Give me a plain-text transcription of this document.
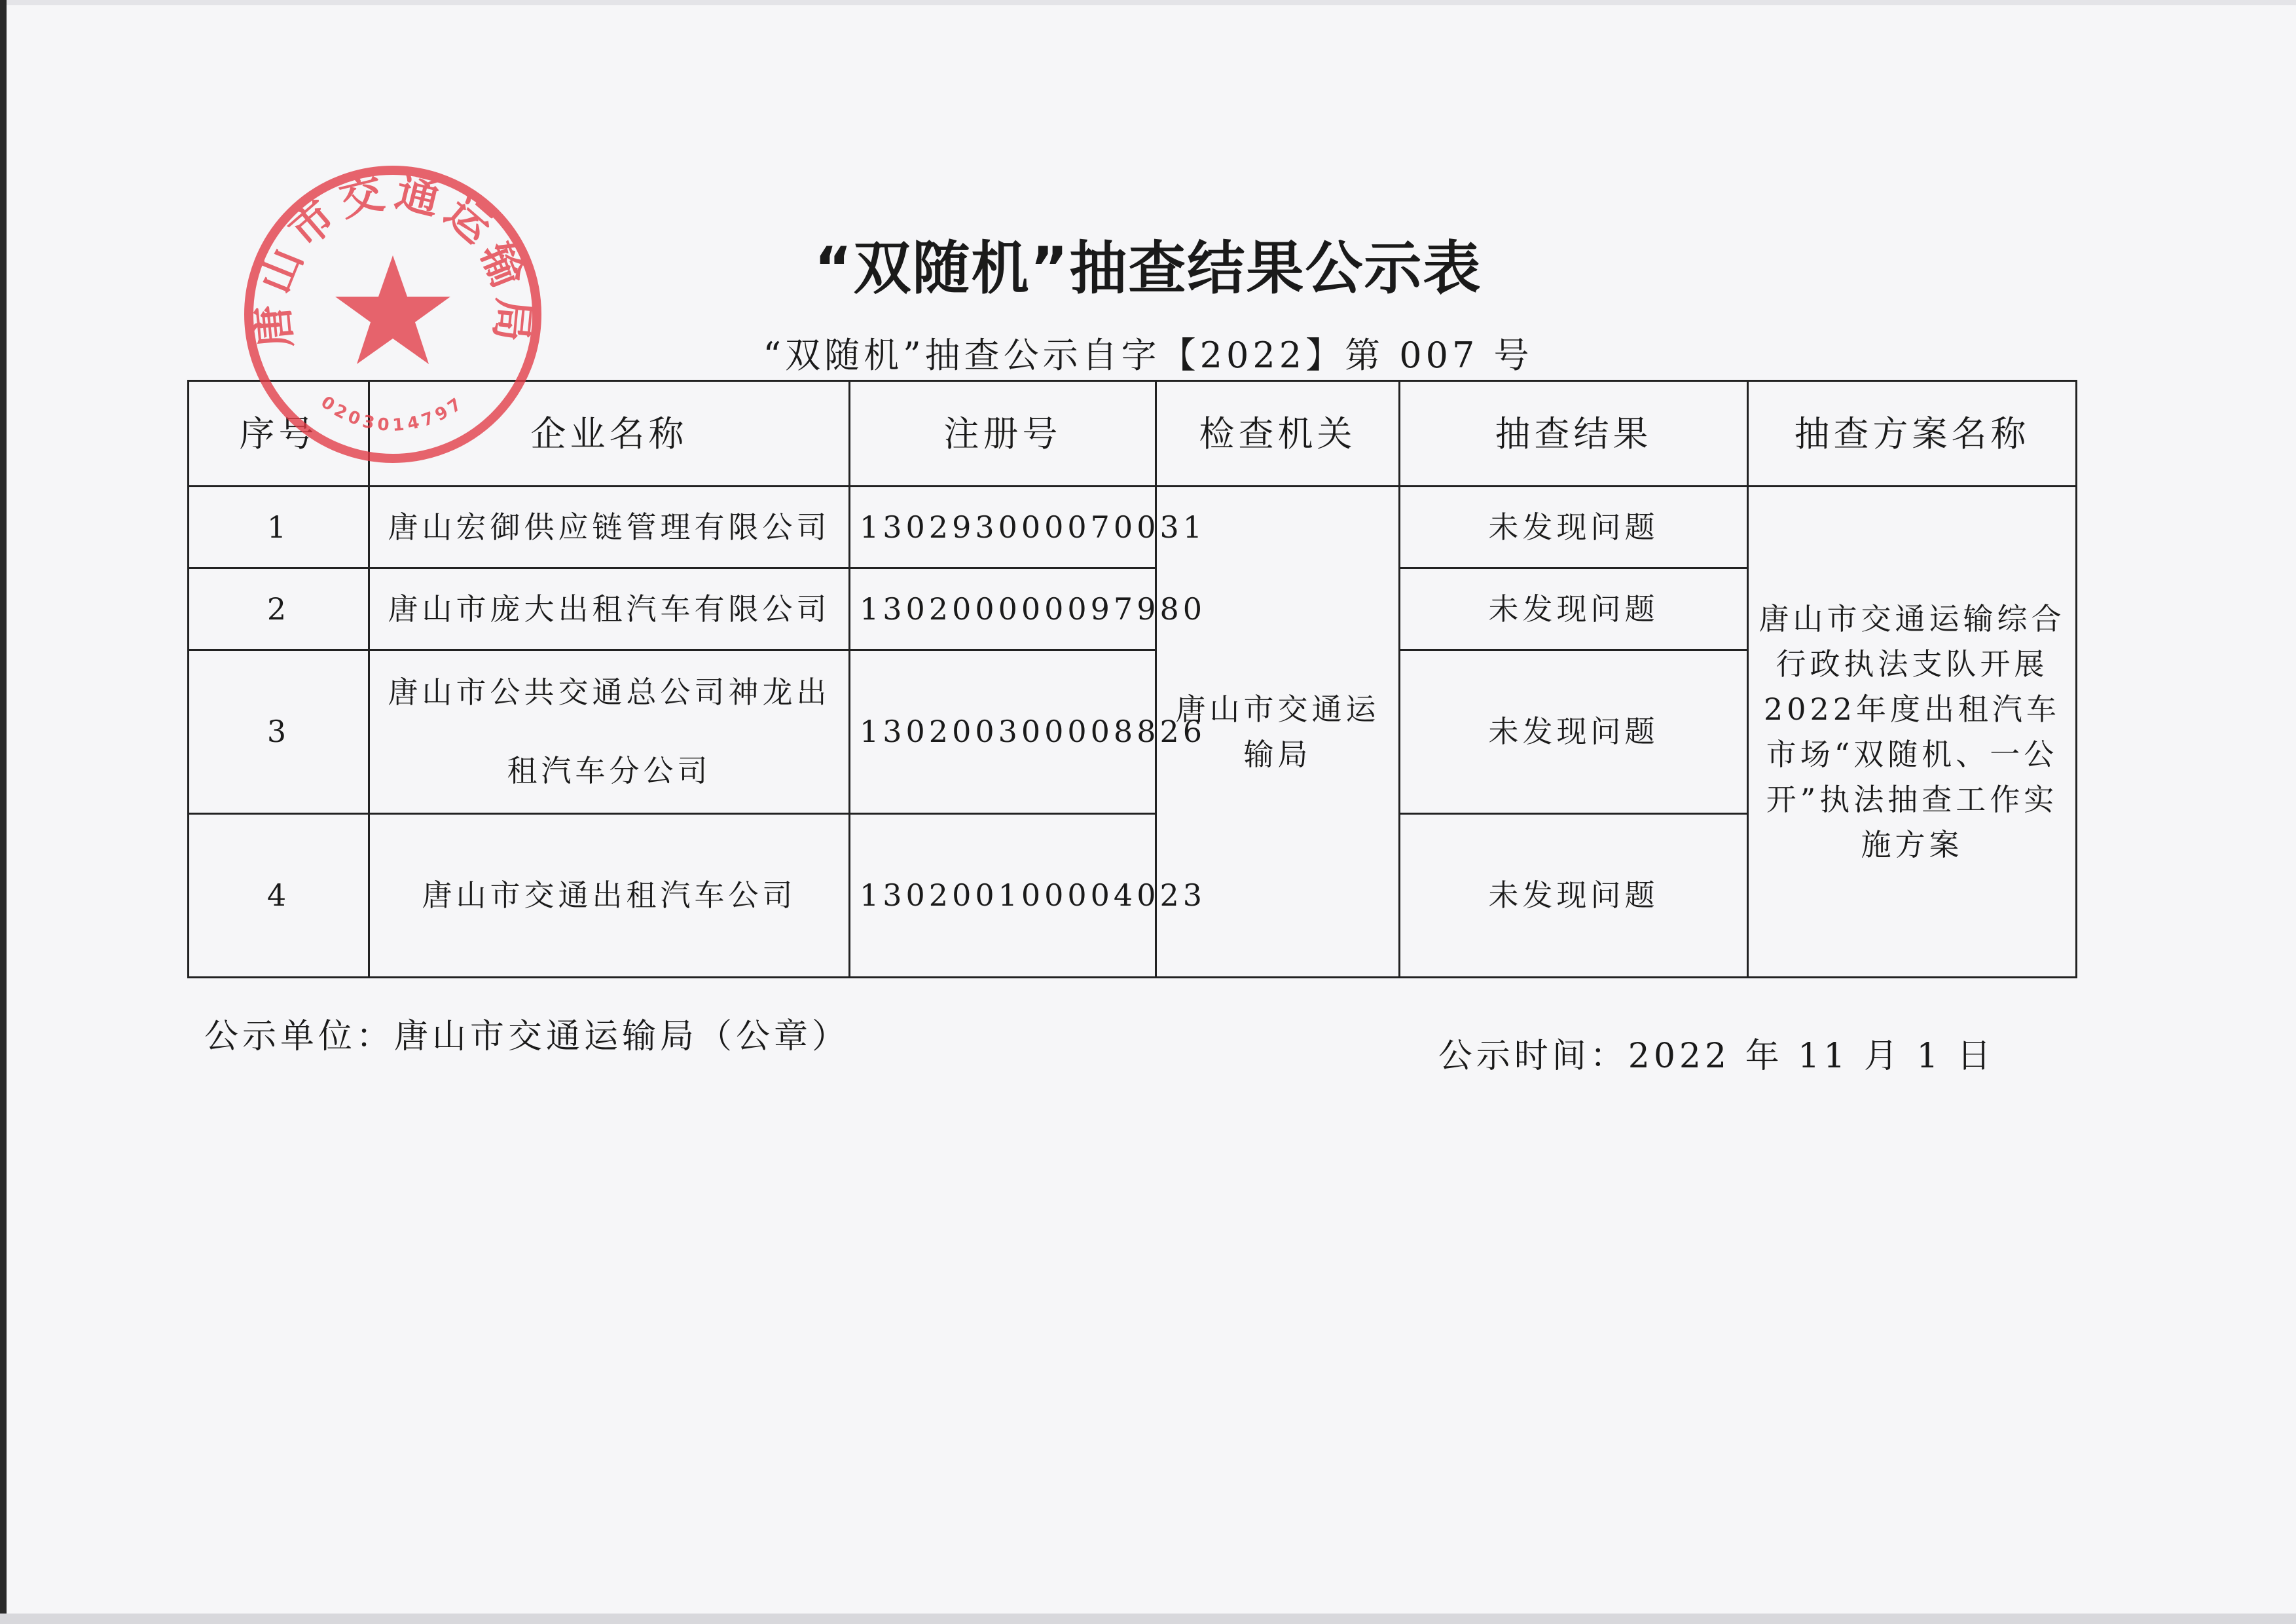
“双随机”抽查结果公示表
“双随机”抽查公示自字【2022】第 007 号
序号	企业名称	注册号	检查机关	抽查结果	抽查方案名称
1	唐山宏御供应链管理有限公司	130293000070031	唐山市交通运输局	未发现问题	唐山市交通运输综合行政执法支队开展2022年度出租汽车市场“双随机、一公开”执法抽查工作实施方案
2	唐山市庞大出租汽车有限公司	130200000097980		未发现问题	
3	唐山市公共交通总公司神龙出租汽车分公司	130200300008826		未发现问题	
4	唐山市交通出租汽车公司	130200100004023		未发现问题	
公示单位：唐山市交通运输局（公章）	公示时间：2022 年 11 月 1 日
唐山市交通运输局
0203014797
